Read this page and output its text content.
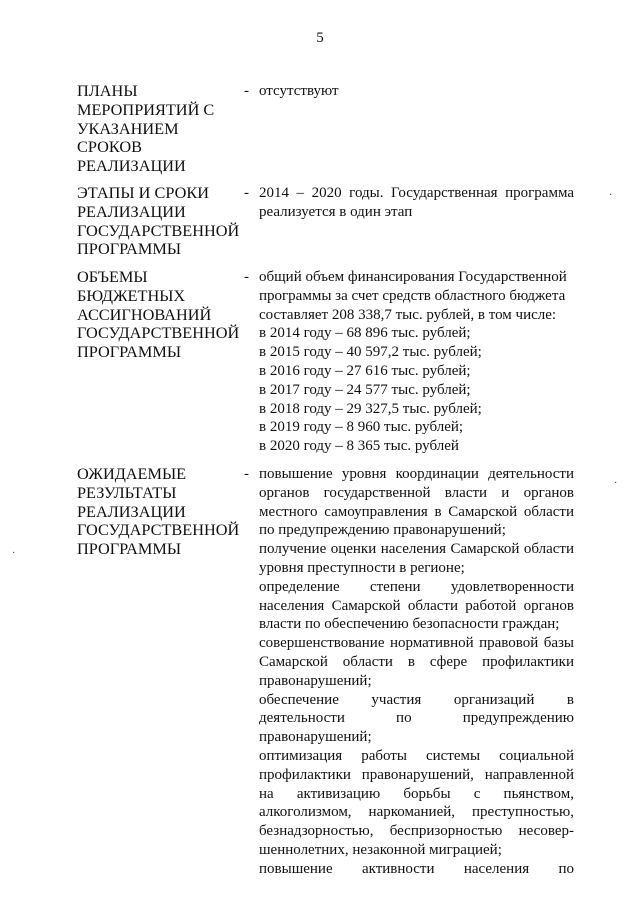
5
ПЛАНЫ
МЕРОПРИЯТИЙ С
УКАЗАНИЕМ
СРОКОВ
РЕАЛИЗАЦИИ
- отсутствуют
ЭТАПЫ И СРОКИ
РЕАЛИЗАЦИИ
ГОСУДАРСТВЕННОЙ
ПРОГРАММЫ
- 2014 – 2020 годы. Государственная программа
реализуется в один этап
ОБЪЕМЫ
БЮДЖЕТНЫХ
АССИГНОВАНИЙ
ГОСУДАРСТВЕННОЙ
ПРОГРАММЫ
- общий объем финансирования Государственной
программы за счет средств областного бюджета
составляет 208 338,7 тыс. рублей, в том числе:
в 2014 году – 68 896 тыс. рублей;
в 2015 году – 40 597,2 тыс. рублей;
в 2016 году – 27 616 тыс. рублей;
в 2017 году – 24 577 тыс. рублей;
в 2018 году – 29 327,5 тыс. рублей;
в 2019 году – 8 960 тыс. рублей;
в 2020 году – 8 365 тыс. рублей
ОЖИДАЕМЫЕ
РЕЗУЛЬТАТЫ
РЕАЛИЗАЦИИ
ГОСУДАРСТВЕННОЙ
ПРОГРАММЫ
- повышение уровня координации деятельности
органов государственной власти и органов
местного самоуправления в Самарской области
по предупреждению правонарушений;
получение оценки населения Самарской области
уровня преступности в регионе;
определение степени удовлетворенности
населения Самарской области работой органов
власти по обеспечению безопасности граждан;
совершенствование нормативной правовой базы
Самарской области в сфере профилактики
правонарушений;
обеспечение участия организаций в
деятельности по предупреждению
правонарушений;
оптимизация работы системы социальной
профилактики правонарушений, направленной
на активизацию борьбы с пьянством,
алкоголизмом, наркоманией, преступностью,
безнадзорностью, беспризорностью несовер-
шеннолетних, незаконной миграцией;
повышение активности населения по
·
·
·
